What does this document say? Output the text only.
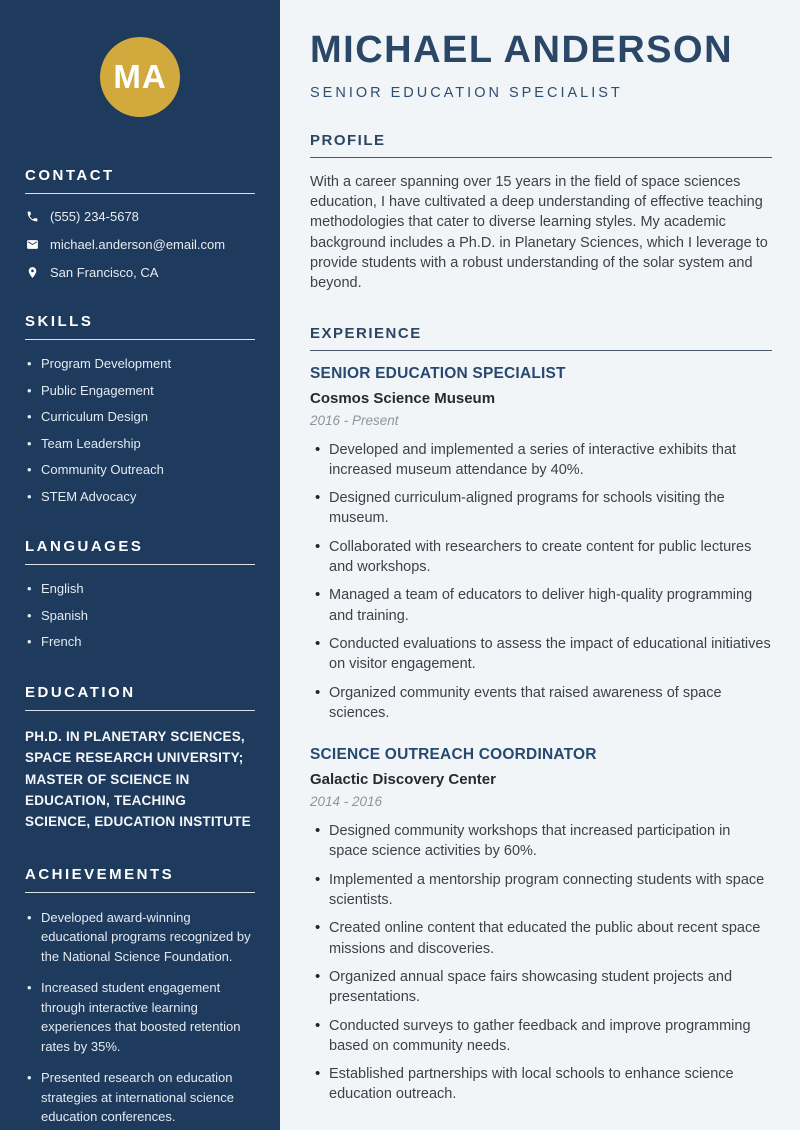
MA
CONTACT
(555) 234-5678
michael.anderson@email.com
San Francisco, CA
SKILLS
• Program Development
• Public Engagement
• Curriculum Design
• Team Leadership
• Community Outreach
• STEM Advocacy
LANGUAGES
• English
• Spanish
• French
EDUCATION
PH.D. IN PLANETARY SCIENCES, SPACE RESEARCH UNIVERSITY; MASTER OF SCIENCE IN EDUCATION, TEACHING SCIENCE, EDUCATION INSTITUTE
ACHIEVEMENTS
• Developed award-winning educational programs recognized by the National Science Foundation.
• Increased student engagement through interactive learning experiences that boosted retention rates by 35%.
• Presented research on education strategies at international science education conferences.
MICHAEL ANDERSON
SENIOR EDUCATION SPECIALIST
PROFILE

With a career spanning over 15 years in the field of space sciences education, I have cultivated a deep understanding of effective teaching methodologies that cater to diverse learning styles. My academic background includes a Ph.D. in Planetary Sciences, which I leverage to provide students with a robust understanding of the solar system and beyond.

EXPERIENCE
SENIOR EDUCATION SPECIALIST
Cosmos Science Museum
2016 - Present
• Developed and implemented a series of interactive exhibits that increased museum attendance by 40%.
• Designed curriculum-aligned programs for schools visiting the museum.
• Collaborated with researchers to create content for public lectures and workshops.
• Managed a team of educators to deliver high-quality programming and training.
• Conducted evaluations to assess the impact of educational initiatives on visitor engagement.
• Organized community events that raised awareness of space sciences.
SCIENCE OUTREACH COORDINATOR
Galactic Discovery Center
2014 - 2016
• Designed community workshops that increased participation in space science activities by 60%.
• Implemented a mentorship program connecting students with space scientists.
• Created online content that educated the public about recent space missions and discoveries.
• Organized annual space fairs showcasing student projects and presentations.
• Conducted surveys to gather feedback and improve programming based on community needs.
• Established partnerships with local schools to enhance science education outreach.
